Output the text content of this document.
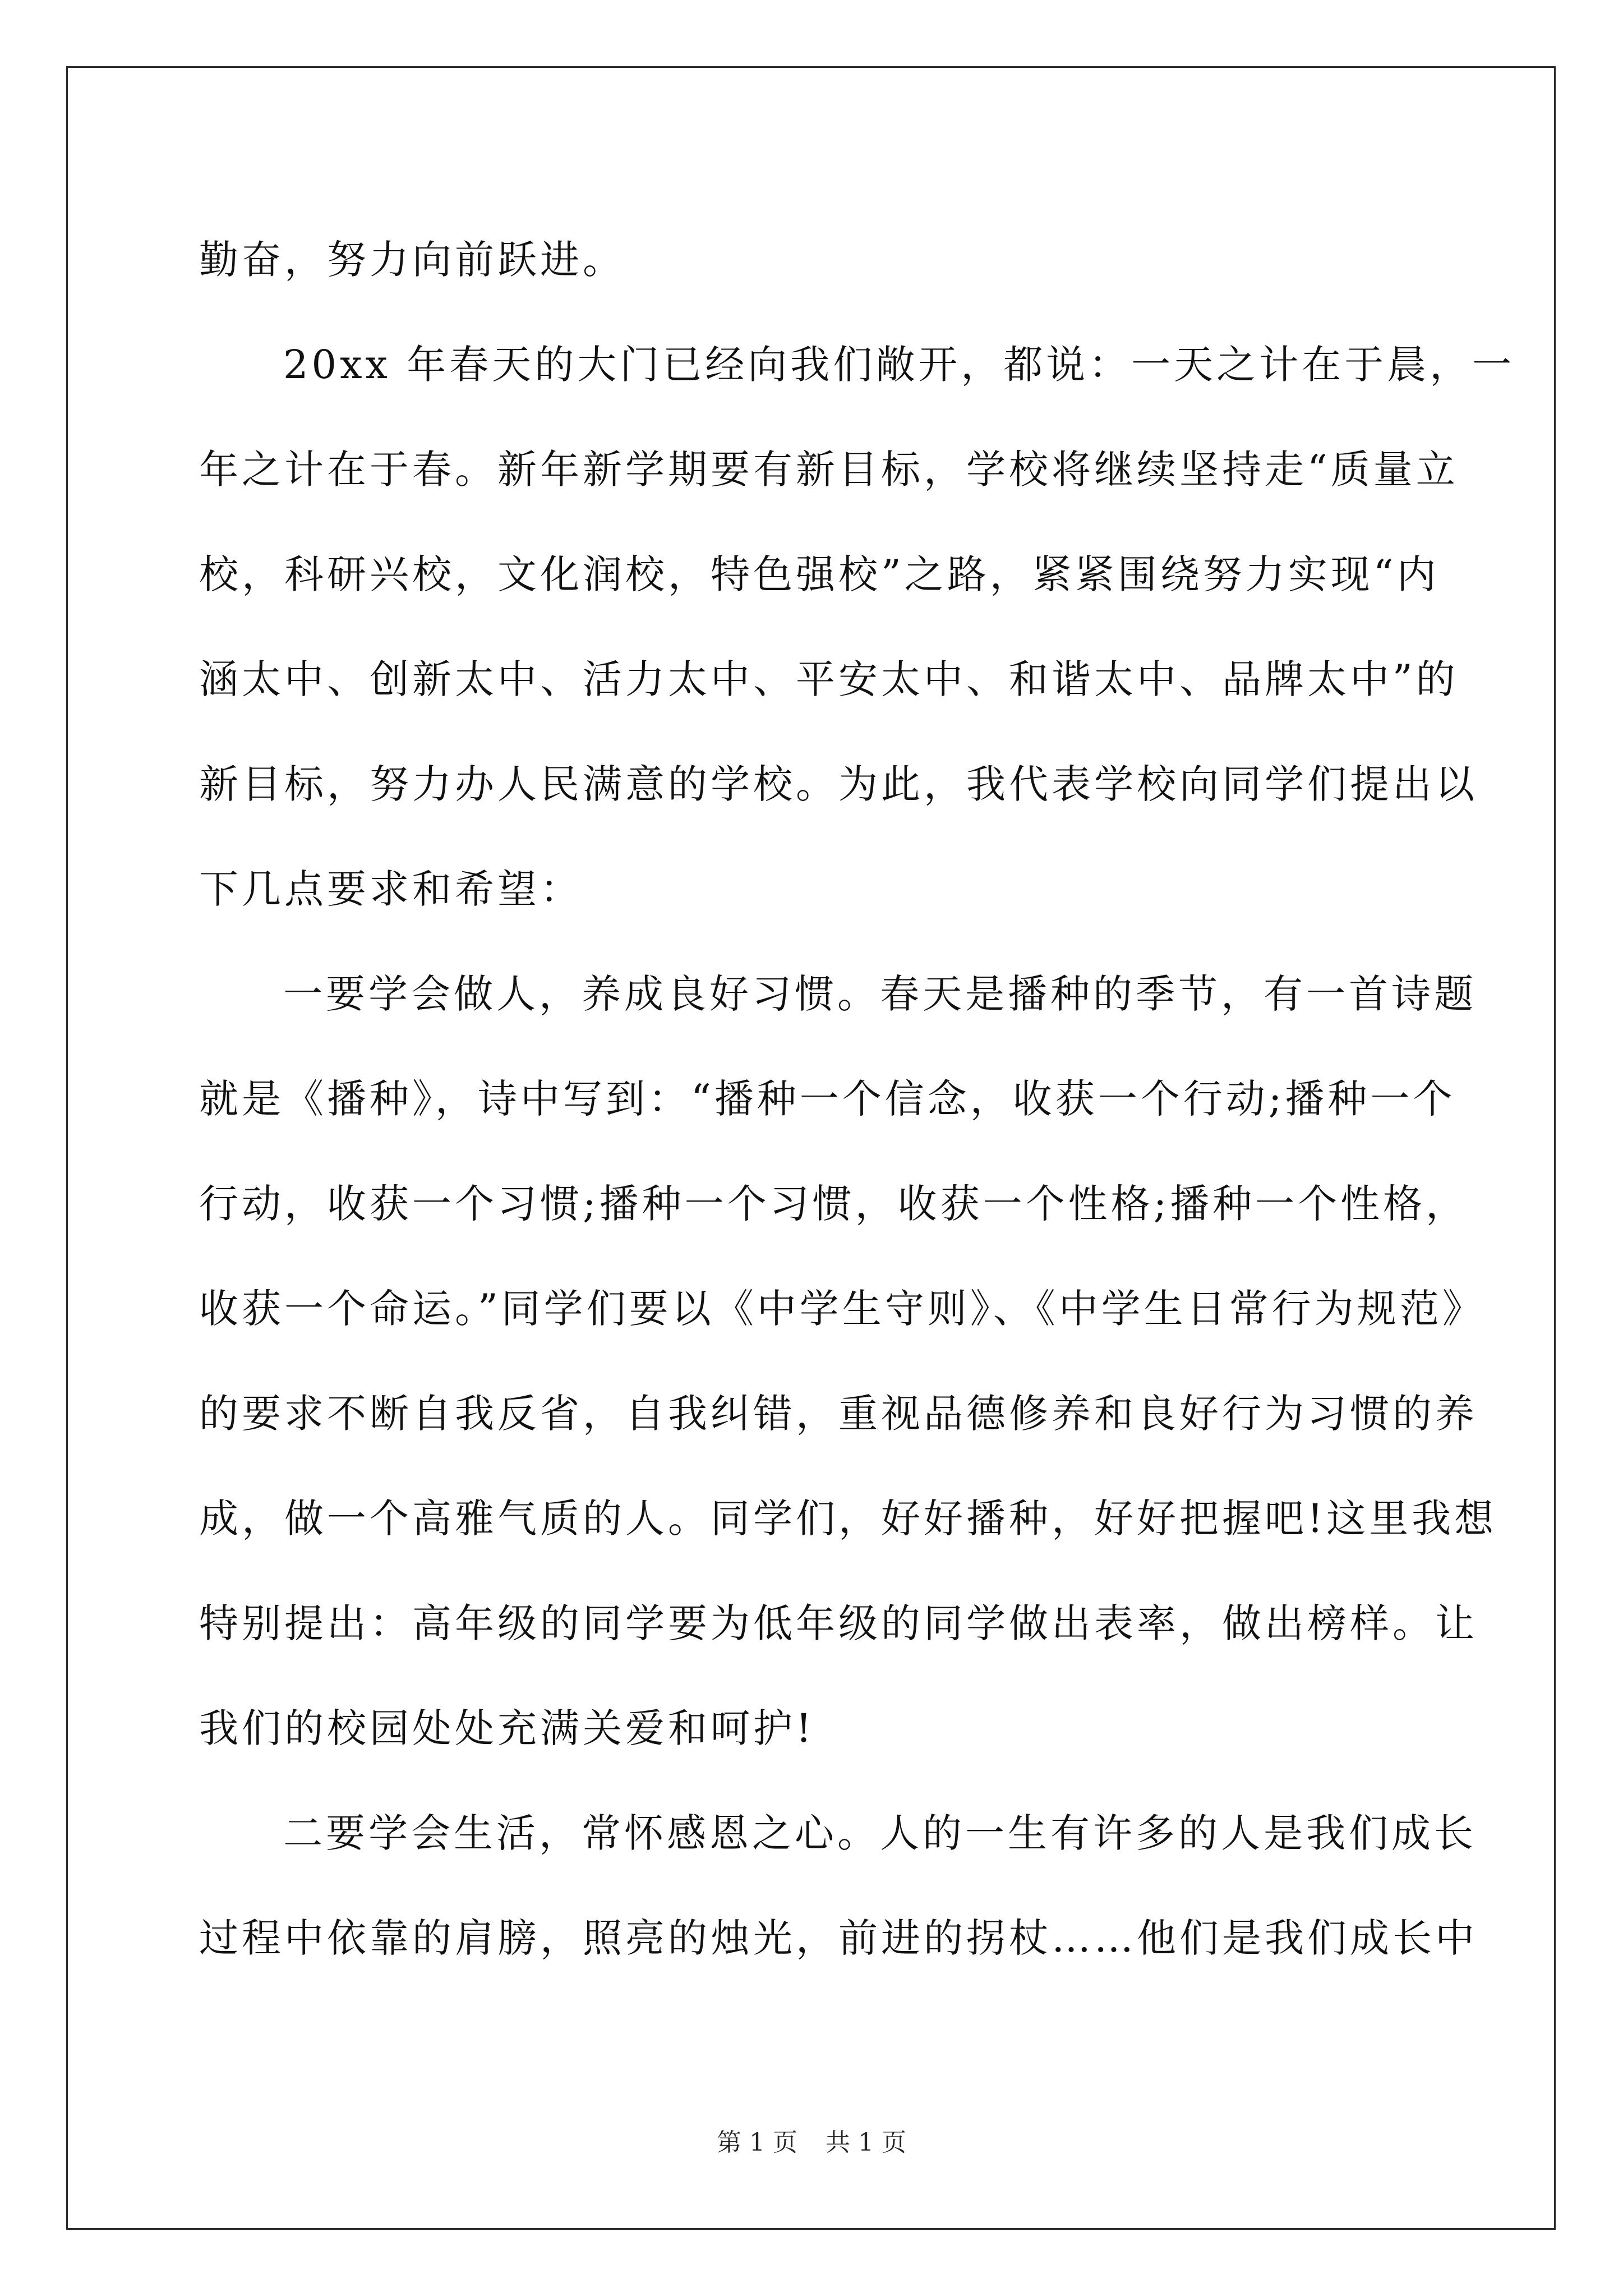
勤奋，努力向前跃进。
20xx 年春天的大门已经向我们敞开，都说：一天之计在于晨，一
年之计在于春。新年新学期要有新目标，学校将继续坚持走“质量立
校，科研兴校，文化润校，特色强校”之路，紧紧围绕努力实现“内
涵太中、创新太中、活力太中、平安太中、和谐太中、品牌太中”的
新目标，努力办人民满意的学校。为此，我代表学校向同学们提出以
下几点要求和希望：
一要学会做人，养成良好习惯。春天是播种的季节，有一首诗题
就是《播种》，诗中写到：“播种一个信念，收获一个行动;播种一个
行动，收获一个习惯;播种一个习惯，收获一个性格;播种一个性格，
收获一个命运。”同学们要以《中学生守则》、《中学生日常行为规范》
的要求不断自我反省，自我纠错，重视品德修养和良好行为习惯的养
成，做一个高雅气质的人。同学们，好好播种，好好把握吧!这里我想
特别提出：高年级的同学要为低年级的同学做出表率，做出榜样。让
我们的校园处处充满关爱和呵护!
二要学会生活，常怀感恩之心。人的一生有许多的人是我们成长
过程中依靠的肩膀，照亮的烛光，前进的拐杖……他们是我们成长中
第 1 页 共 1 页
